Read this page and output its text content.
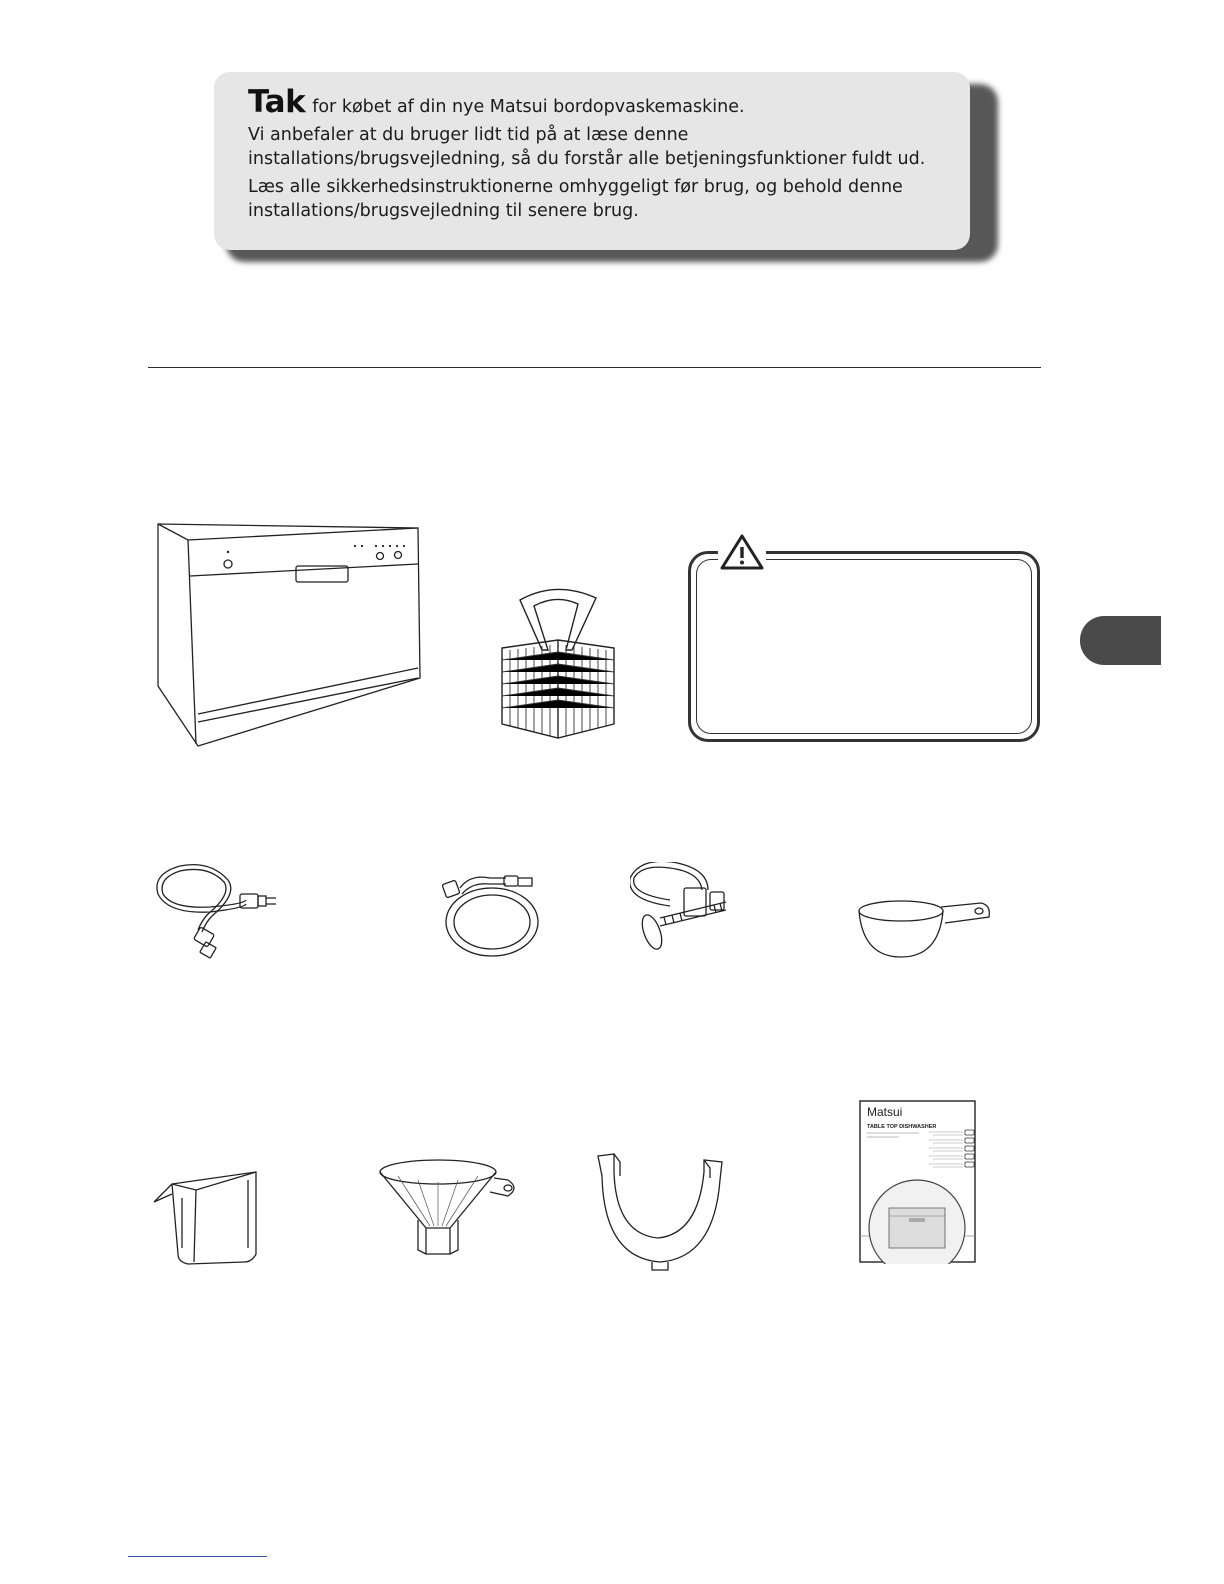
Tak for købet af din nye Matsui bordopvaskemaskine.

Vi anbefaler at du bruger lidt tid på at læse denne installations/brugsvejledning, så du forstår alle betjeningsfunktioner fuldt ud.

Læs alle sikkerhedsinstruktionerne omhyggeligt før brug, og behold denne installations/brugsvejledning til senere brug.

Matsui
TABLE TOP DISHWASHER
